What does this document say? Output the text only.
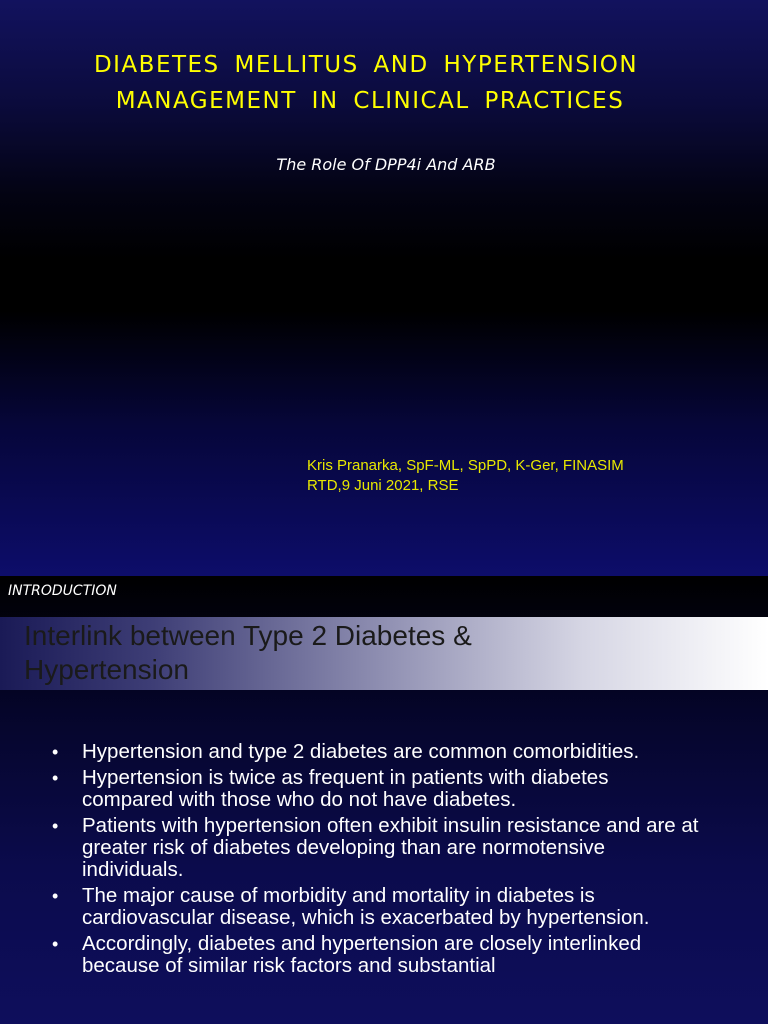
DIABETES MELLITUS AND HYPERTENSION
MANAGEMENT IN CLINICAL PRACTICES
The Role Of DPP4i And ARB
Kris Pranarka, SpF-ML, SpPD, K-Ger, FINASIM
RTD,9 Juni 2021, RSE
INTRODUCTION
Interlink between Type 2 Diabetes &
Hypertension
• Hypertension and type 2 diabetes are common comorbidities.
• Hypertension is twice as frequent in patients with diabetes compared with those who do not have diabetes.
• Patients with hypertension often exhibit insulin resistance and are at greater risk of diabetes developing than are normotensive individuals.
• The major cause of morbidity and mortality in diabetes is cardiovascular disease, which is exacerbated by hypertension.
• Accordingly, diabetes and hypertension are closely interlinked because of similar risk factors and substantial
